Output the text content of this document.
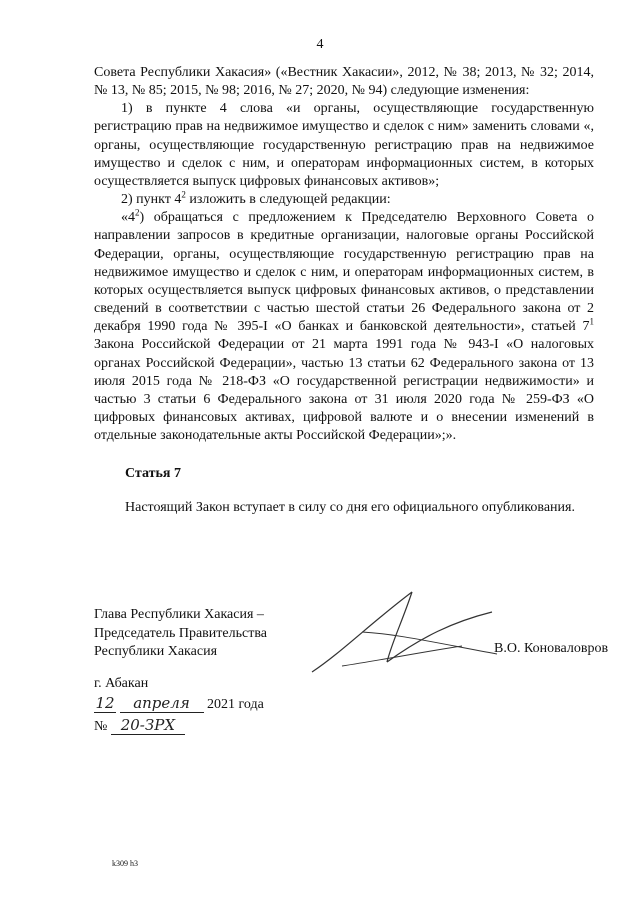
4

Совета Республики Хакасия» («Вестник Хакасии», 2012, № 38; 2013, № 32; 2014, № 13, № 85; 2015, № 98; 2016, № 27; 2020, № 94) следующие изменения:

1) в пункте 4 слова «и органы, осуществляющие государственную регистрацию прав на недвижимое имущество и сделок с ним» заменить словами «, органы, осуществляющие государственную регистрацию прав на недвижимое имущество и сделок с ним, и операторам информационных систем, в которых осуществляется выпуск цифровых финансовых активов»;

2) пункт $4^2$ изложить в следующей редакции:

«$4^2$) обращаться с предложением к Председателю Верховного Совета о направлении запросов в кредитные организации, налоговые органы Российской Федерации, органы, осуществляющие государственную регистрацию прав на недвижимое имущество и сделок с ним, и операторам информационных систем, в которых осуществляется выпуск цифровых финансовых активов, о представлении сведений в соответствии с частью шестой статьи 26 Федерального закона от 2 декабря 1990 года № 395-I «О банках и банковской деятельности», статьей $7^1$ Закона Российской Федерации от 21 марта 1991 года № 943-I «О налоговых органах Российской Федерации», частью 13 статьи 62 Федерального закона от 13 июля 2015 года № 218-ФЗ «О государственной регистрации недвижимости» и частью 3 статьи 6 Федерального закона от 31 июля 2020 года № 259-ФЗ «О цифровых финансовых активах, цифровой валюте и о внесении изменений в отдельные законодательные акты Российской Федерации»;».

Статья 7
Настоящий Закон вступает в силу со дня его официального опубликования.
Глава Республики Хакасия –
Председатель Правительства
Республики Хакасия	В.О. Коноваловров
г. Абакан
12 апреля 2021 года
№ 20-ЗРХ
k309 h3
